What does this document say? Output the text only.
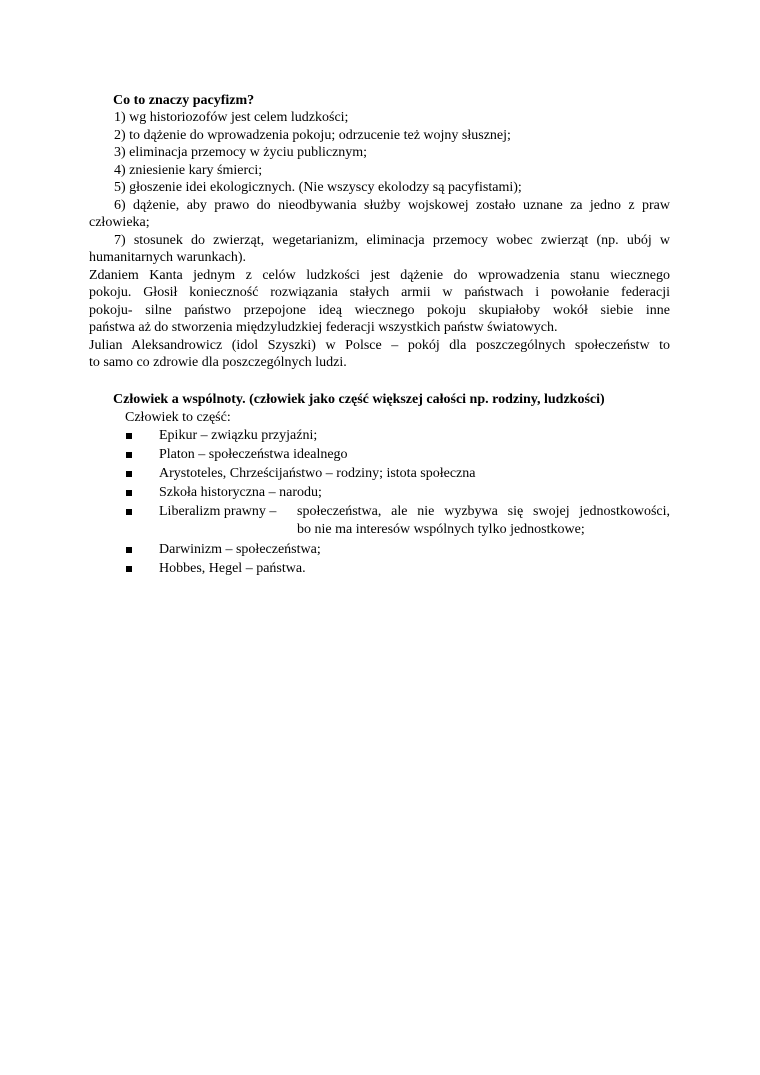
Co to znaczy pacyfizm?
1) wg historiozofów jest celem ludzkości;
2) to dążenie do wprowadzenia pokoju; odrzucenie też wojny słusznej;
3) eliminacja przemocy w życiu publicznym;
4) zniesienie kary śmierci;
5) głoszenie idei ekologicznych. (Nie wszyscy ekolodzy są pacyfistami);
6) dążenie, aby prawo do nieodbywania służby wojskowej zostało uznane za jedno z praw
człowieka;
7) stosunek do zwierząt, wegetarianizm, eliminacja przemocy wobec zwierząt (np. ubój w
humanitarnych warunkach).
Zdaniem Kanta jednym z celów ludzkości jest dążenie do wprowadzenia stanu wiecznego
pokoju. Głosił konieczność rozwiązania stałych armii w państwach i powołanie federacji
pokoju- silne państwo przepojone ideą wiecznego pokoju skupiałoby wokół siebie inne
państwa aż do stworzenia międzyludzkiej federacji wszystkich państw światowych.
Julian Aleksandrowicz (idol Szyszki) w Polsce – pokój dla poszczególnych społeczeństw to
to samo co zdrowie dla poszczególnych ludzi.
Człowiek a wspólnoty. (człowiek jako część większej całości np. rodziny, ludzkości)
Człowiek to część:
Epikur – związku przyjaźni;
Platon – społeczeństwa idealnego
Arystoteles, Chrześcijaństwo – rodziny; istota społeczna
Szkoła historyczna – narodu;
Liberalizm prawny – społeczeństwa, ale nie wyzbywa się swojej jednostkowości,
bo nie ma interesów wspólnych tylko jednostkowe;
Darwinizm – społeczeństwa;
Hobbes, Hegel – państwa.
